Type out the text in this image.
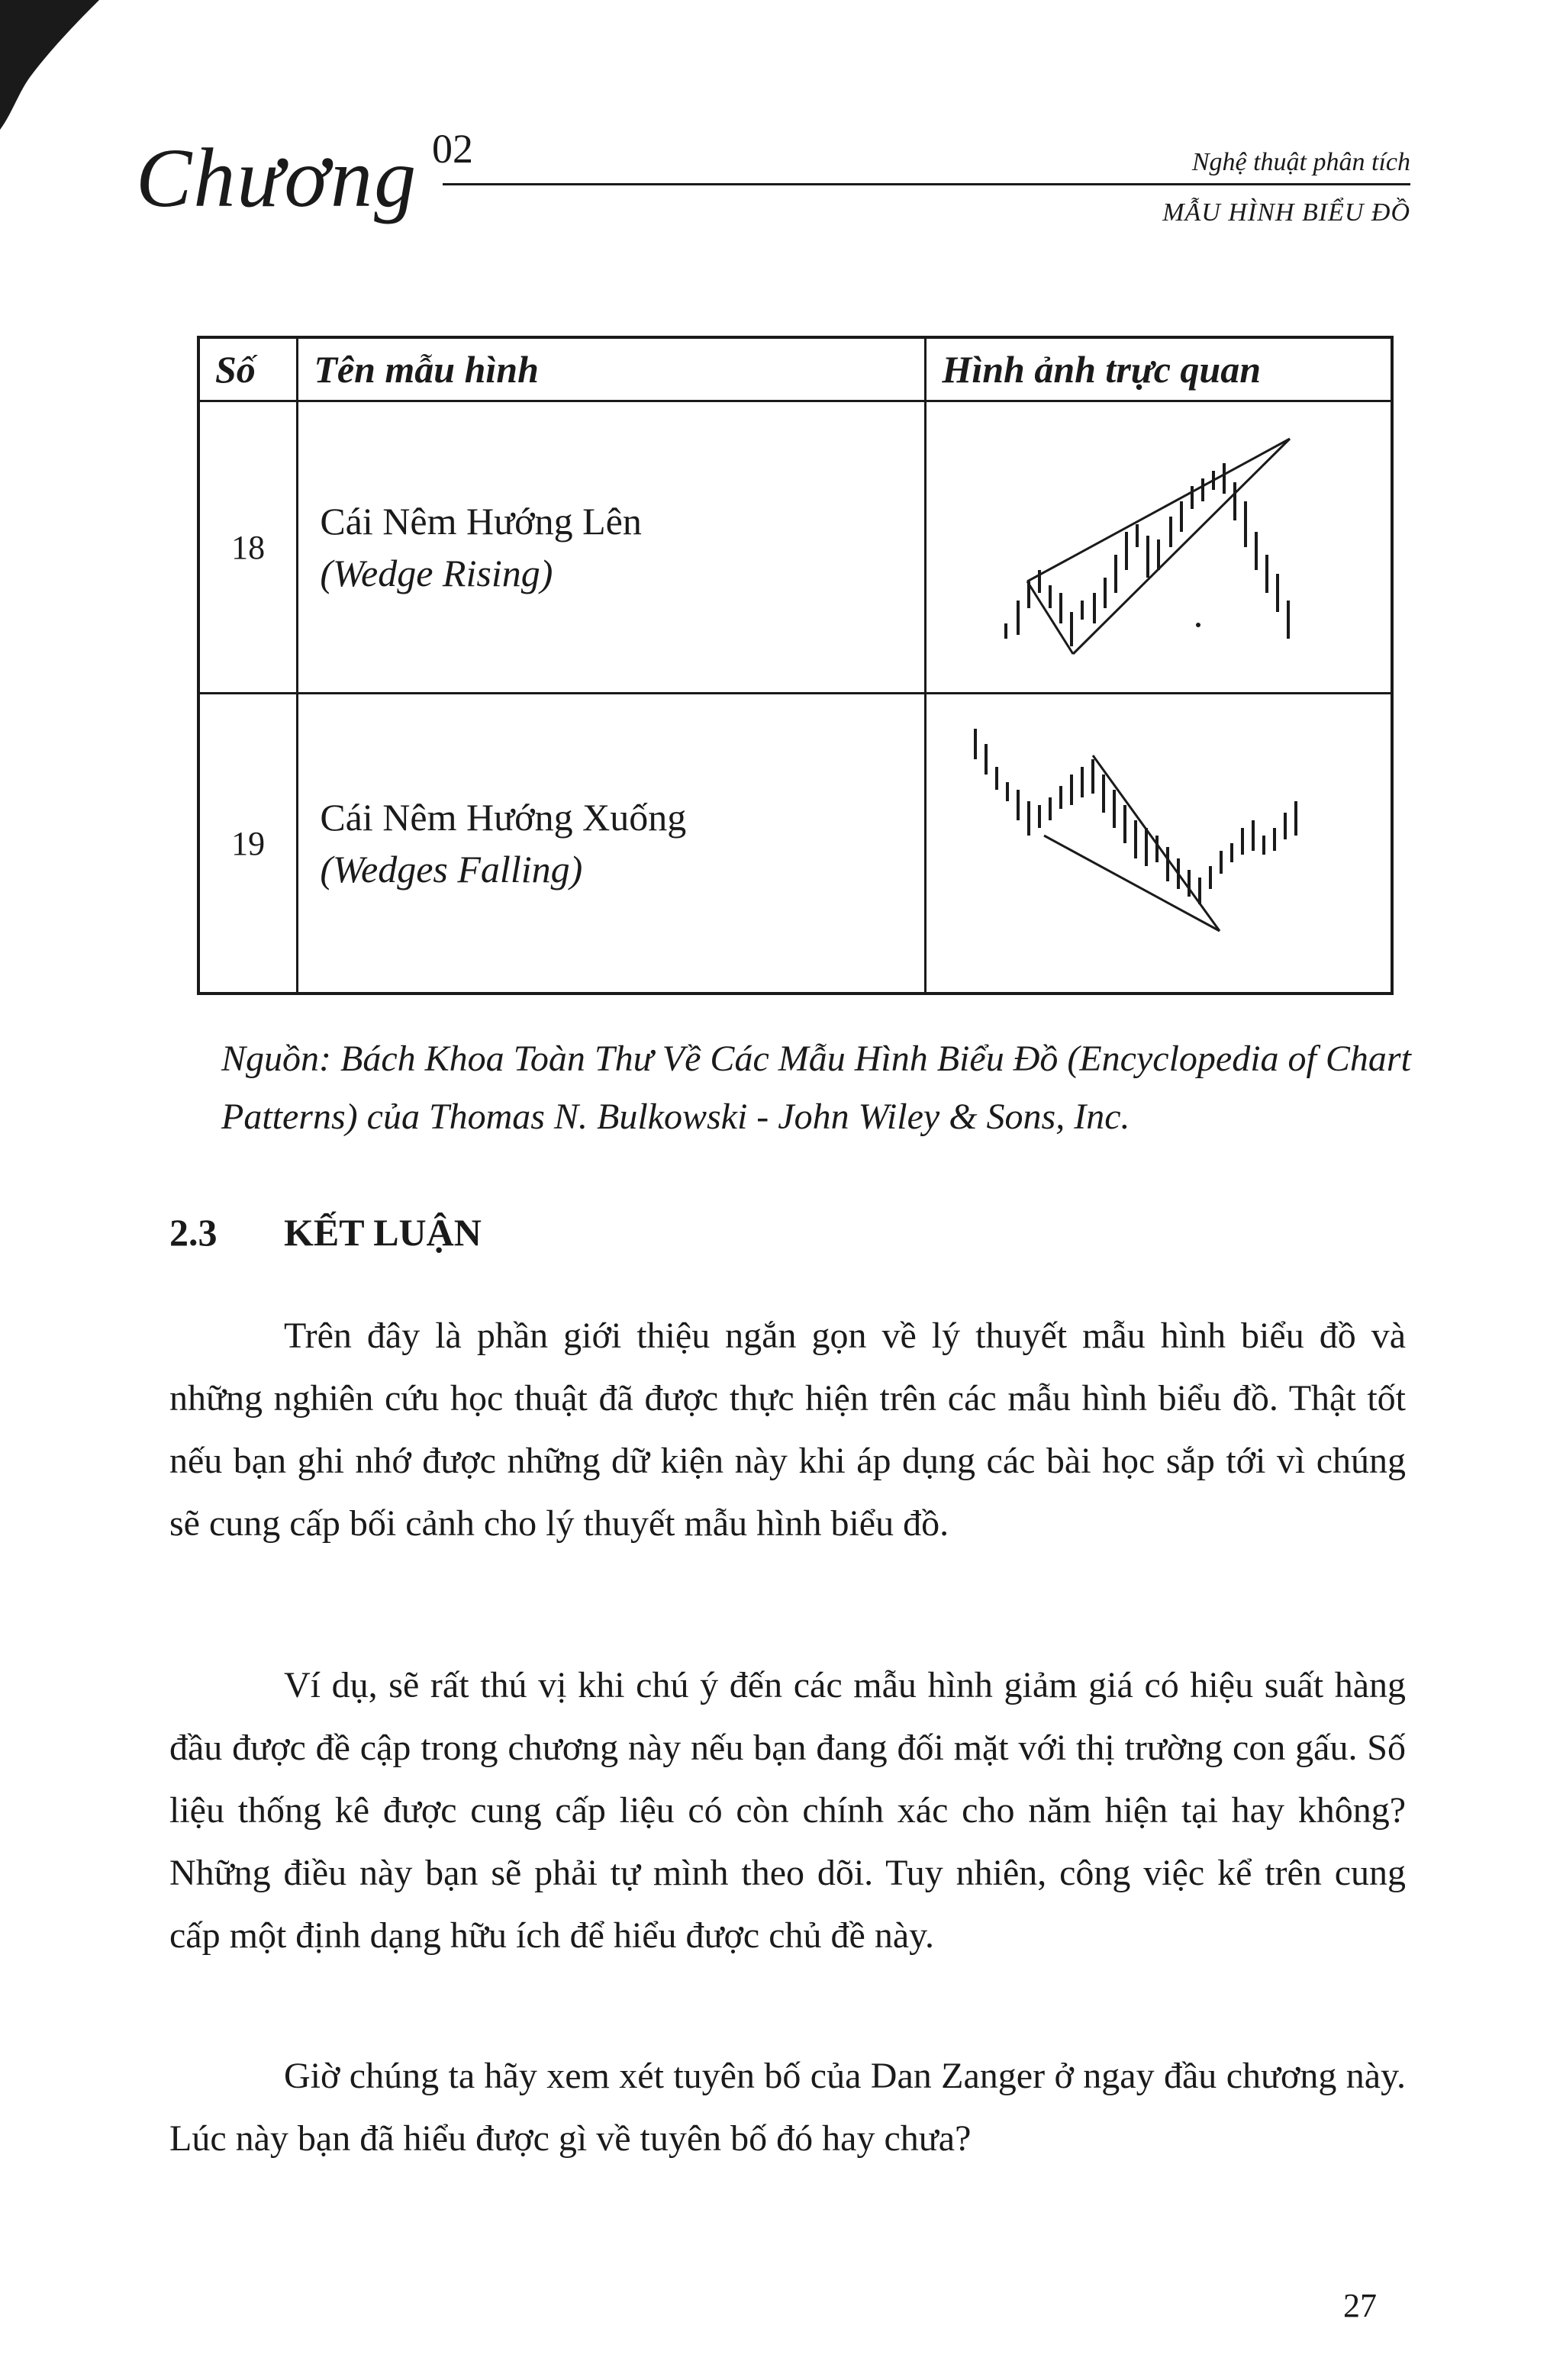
Chương 02	Nghệ thuật phân tích
MẪU HÌNH BIỂU ĐỒ
Số	Tên mẫu hình	Hình ảnh trực quan
18	Cái Nêm Hướng Lên
(Wedge Rising)

19	Cái Nêm Hướng Xuống
(Wedges Falling)

Nguồn: Bách Khoa Toàn Thư Về Các Mẫu Hình Biểu Đồ (Encyclopedia of Chart Patterns) của Thomas N. Bulkowski - John Wiley & Sons, Inc.
2.3 KẾT LUẬN

Trên đây là phần giới thiệu ngắn gọn về lý thuyết mẫu hình biểu đồ và những nghiên cứu học thuật đã được thực hiện trên các mẫu hình biểu đồ. Thật tốt nếu bạn ghi nhớ được những dữ kiện này khi áp dụng các bài học sắp tới vì chúng sẽ cung cấp bối cảnh cho lý thuyết mẫu hình biểu đồ.

Ví dụ, sẽ rất thú vị khi chú ý đến các mẫu hình giảm giá có hiệu suất hàng đầu được đề cập trong chương này nếu bạn đang đối mặt với thị trường con gấu. Số liệu thống kê được cung cấp liệu có còn chính xác cho năm hiện tại hay không? Những điều này bạn sẽ phải tự mình theo dõi. Tuy nhiên, công việc kể trên cung cấp một định dạng hữu ích để hiểu được chủ đề này.

Giờ chúng ta hãy xem xét tuyên bố của Dan Zanger ở ngay đầu chương này. Lúc này bạn đã hiểu được gì về tuyên bố đó hay chưa?

27
